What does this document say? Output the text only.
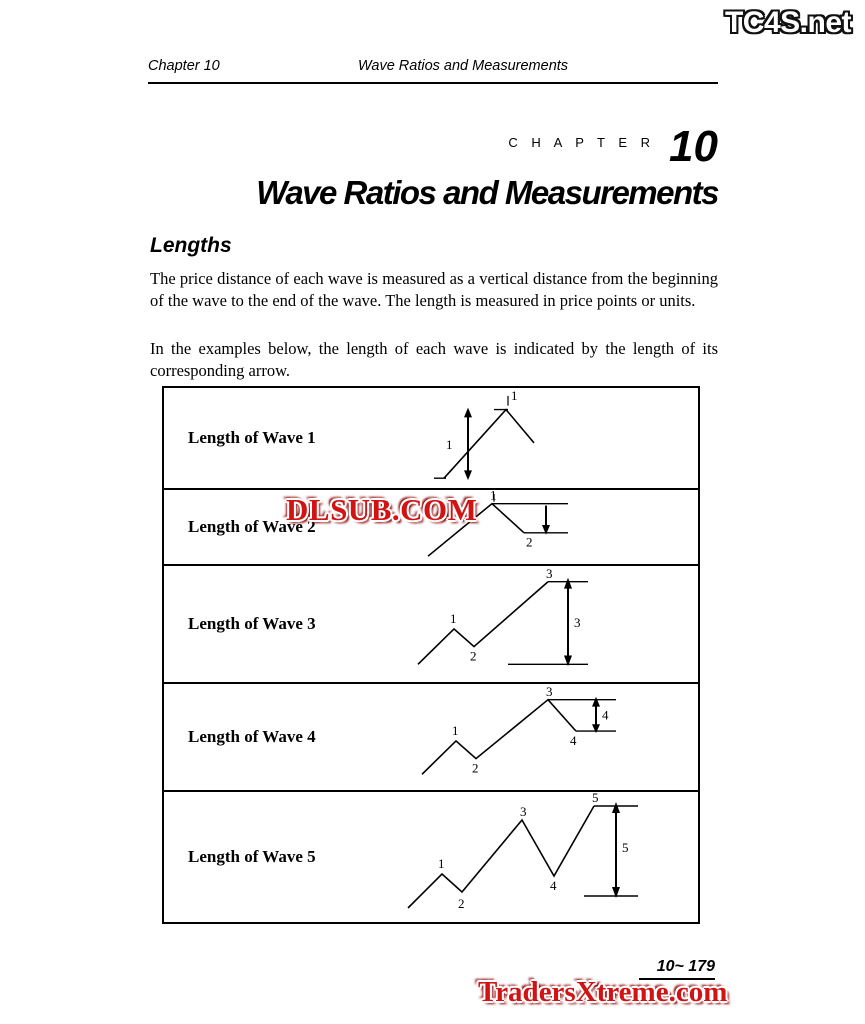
TC4S.net
Chapter 10	Wave Ratios and Measurements
$^{C H A P T E R}$ 10
Wave Ratios and Measurements
Lengths
The price distance of each wave is measured as a vertical distance from the beginning of the wave to the end of the wave. The length is measured in price points or units.
In the examples below, the length of each wave is indicated by the length of its corresponding arrow.
Length of Wave 1
1
1
Length of Wave 2
1
2
Length of Wave 3	1
2
3
3
Length of Wave 4	1
2
3
4
4
Length of Wave 5	1
2
3
4
5
5
DLSUB.COM
10~ 179
TradersXtreme.com
